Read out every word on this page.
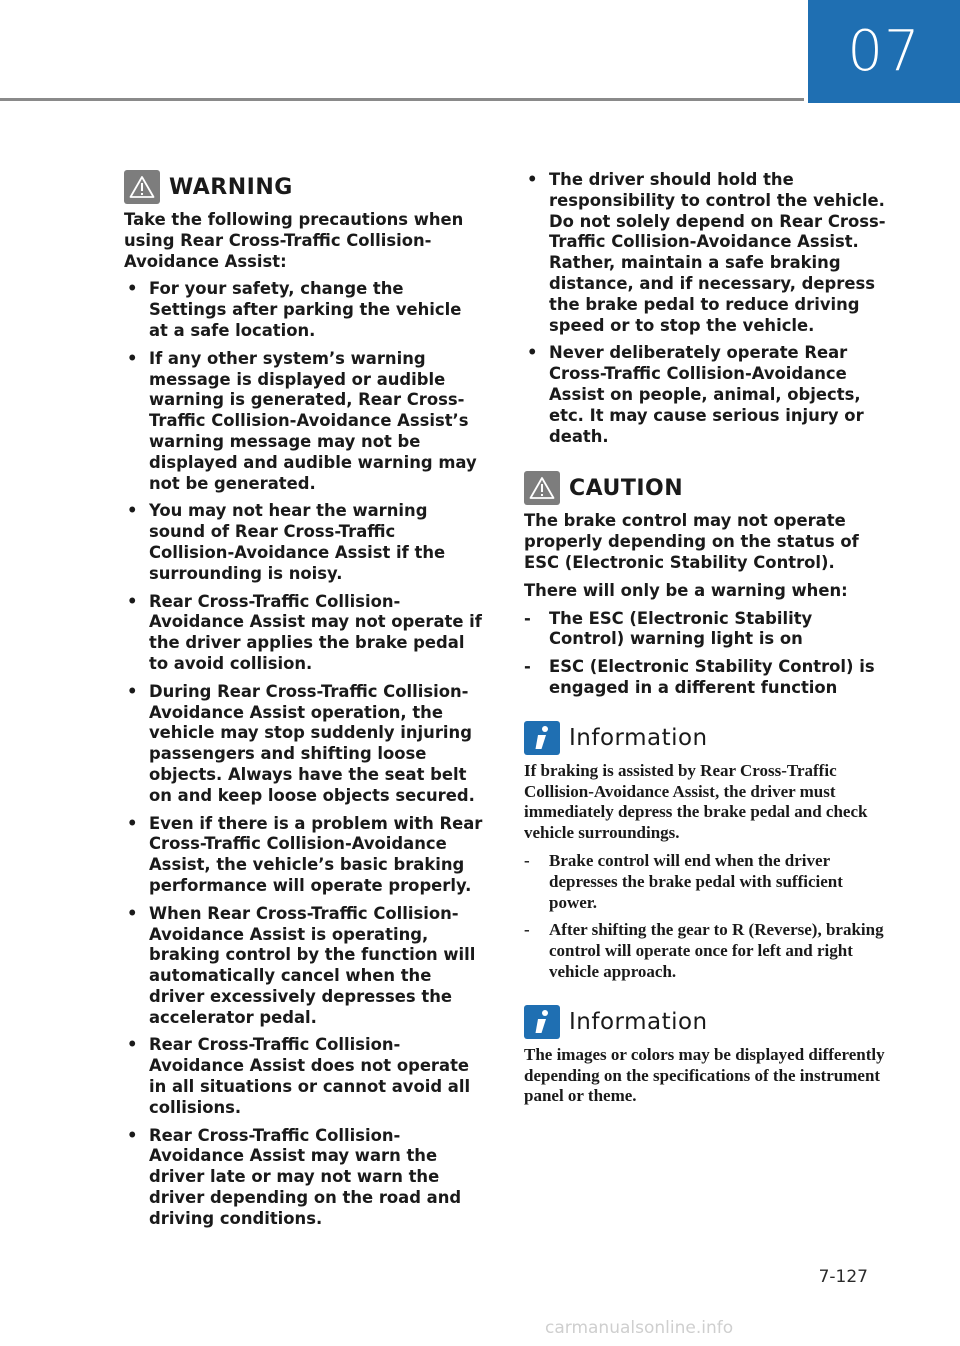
07
WARNING

Take the following precautions when using Rear Cross-Traffic Collision-Avoidance Assist:

• For your safety, change the Settings after parking the vehicle at a safe location.
• If any other system’s warning message is displayed or audible warning is generated, Rear Cross-Traffic Collision-Avoidance Assist’s warning message may not be displayed and audible warning may not be generated.
• You may not hear the warning sound of Rear Cross-Traffic Collision-Avoidance Assist if the surrounding is noisy.
• Rear Cross-Traffic Collision-Avoidance Assist may not operate if the driver applies the brake pedal to avoid collision.
• During Rear Cross-Traffic Collision-Avoidance Assist operation, the vehicle may stop suddenly injuring passengers and shifting loose objects. Always have the seat belt on and keep loose objects secured.
• Even if there is a problem with Rear Cross-Traffic Collision-Avoidance Assist, the vehicle’s basic braking performance will operate properly.
• When Rear Cross-Traffic Collision-Avoidance Assist is operating, braking control by the function will automatically cancel when the driver excessively depresses the accelerator pedal.
• Rear Cross-Traffic Collision-Avoidance Assist does not operate in all situations or cannot avoid all collisions.
• Rear Cross-Traffic Collision-Avoidance Assist may warn the driver late or may not warn the driver depending on the road and driving conditions.
• The driver should hold the responsibility to control the vehicle. Do not solely depend on Rear Cross-Traffic Collision-Avoidance Assist. Rather, maintain a safe braking distance, and if necessary, depress the brake pedal to reduce driving speed or to stop the vehicle.
• Never deliberately operate Rear Cross-Traffic Collision-Avoidance Assist on people, animal, objects, etc. It may cause serious injury or death.
CAUTION

The brake control may not operate properly depending on the status of ESC (Electronic Stability Control).

There will only be a warning when:

- The ESC (Electronic Stability Control) warning light is on
- ESC (Electronic Stability Control) is engaged in a different function
Information

If braking is assisted by Rear Cross-Traffic Collision-Avoidance Assist, the driver must immediately depress the brake pedal and check vehicle surroundings.

- Brake control will end when the driver depresses the brake pedal with sufficient power.
- After shifting the gear to R (Reverse), braking control will operate once for left and right vehicle approach.
Information

The images or colors may be displayed differently depending on the specifications of the instrument panel or theme.

7-127
carmanualsonline.info
